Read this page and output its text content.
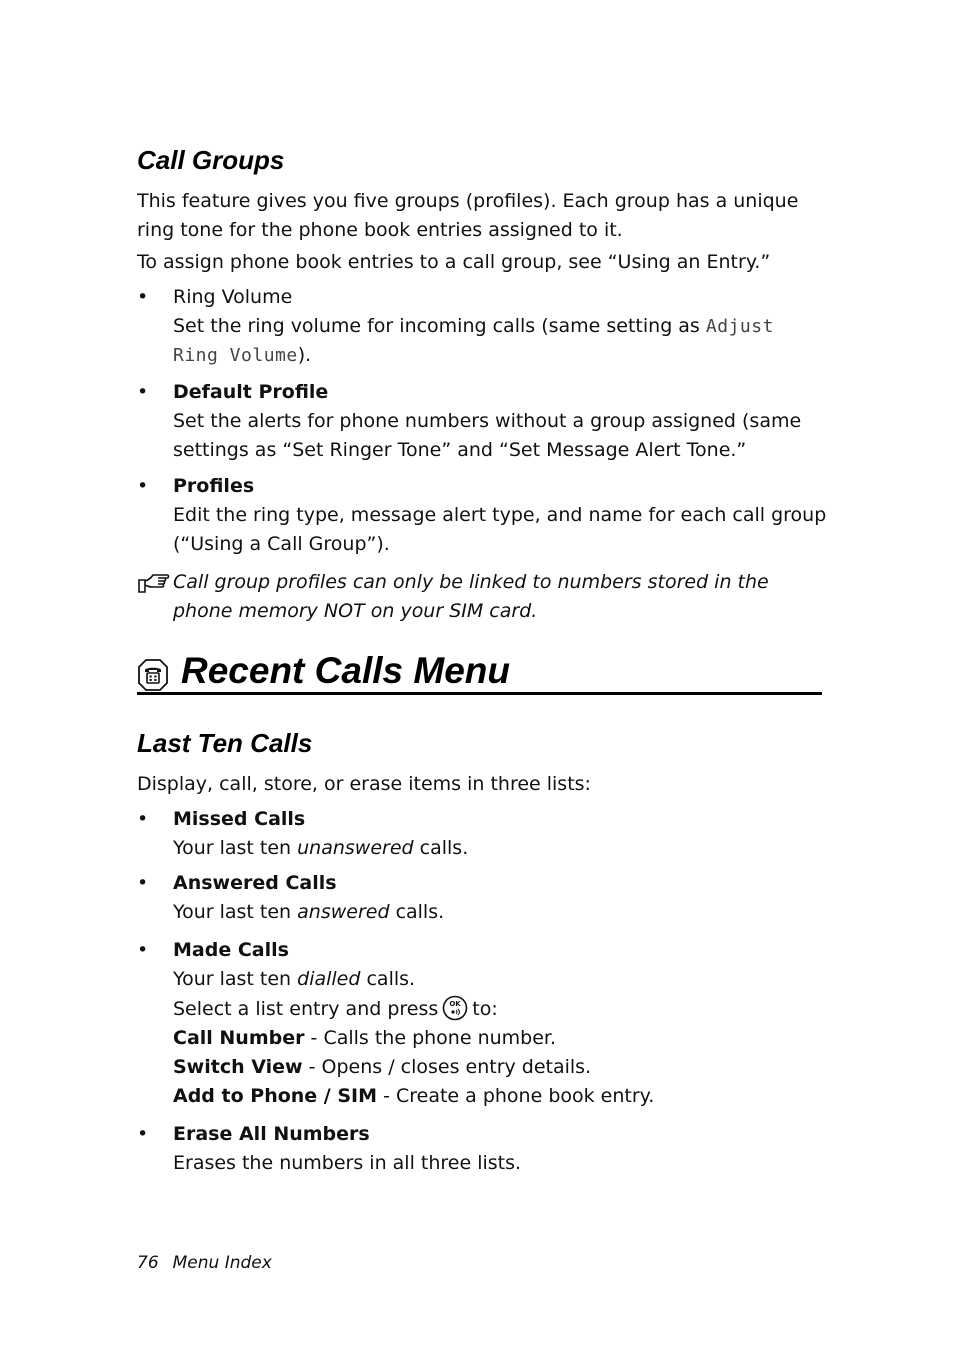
Call Groups

This feature gives you five groups (profiles). Each group has a unique
ring tone for the phone book entries assigned to it.

To assign phone book entries to a call group, see “Using an Entry.”

•	Ring Volume
Set the ring volume for incoming calls (same setting as Adjust
Ring Volume).
•	Default Profile
Set the alerts for phone numbers without a group assigned (same
settings as “Set Ringer Tone” and “Set Message Alert Tone.”
•	Profiles
Edit the ring type, message alert type, and name for each call group
(“Using a Call Group”).
Call group profiles can only be linked to numbers stored in the
phone memory NOT on your SIM card.
Recent Calls Menu
Last Ten Calls

Display, call, store, or erase items in three lists:

•	Missed Calls
Your last ten unanswered calls.
•	Answered Calls
Your last ten answered calls.
•	Made Calls
Your last ten dialled calls.
Select a list entry and press OK to:
Call Number - Calls the phone number.
Switch View - Opens / closes entry details.
Add to Phone / SIM - Create a phone book entry.
•	Erase All Numbers
Erases the numbers in all three lists.
76 Menu Index
